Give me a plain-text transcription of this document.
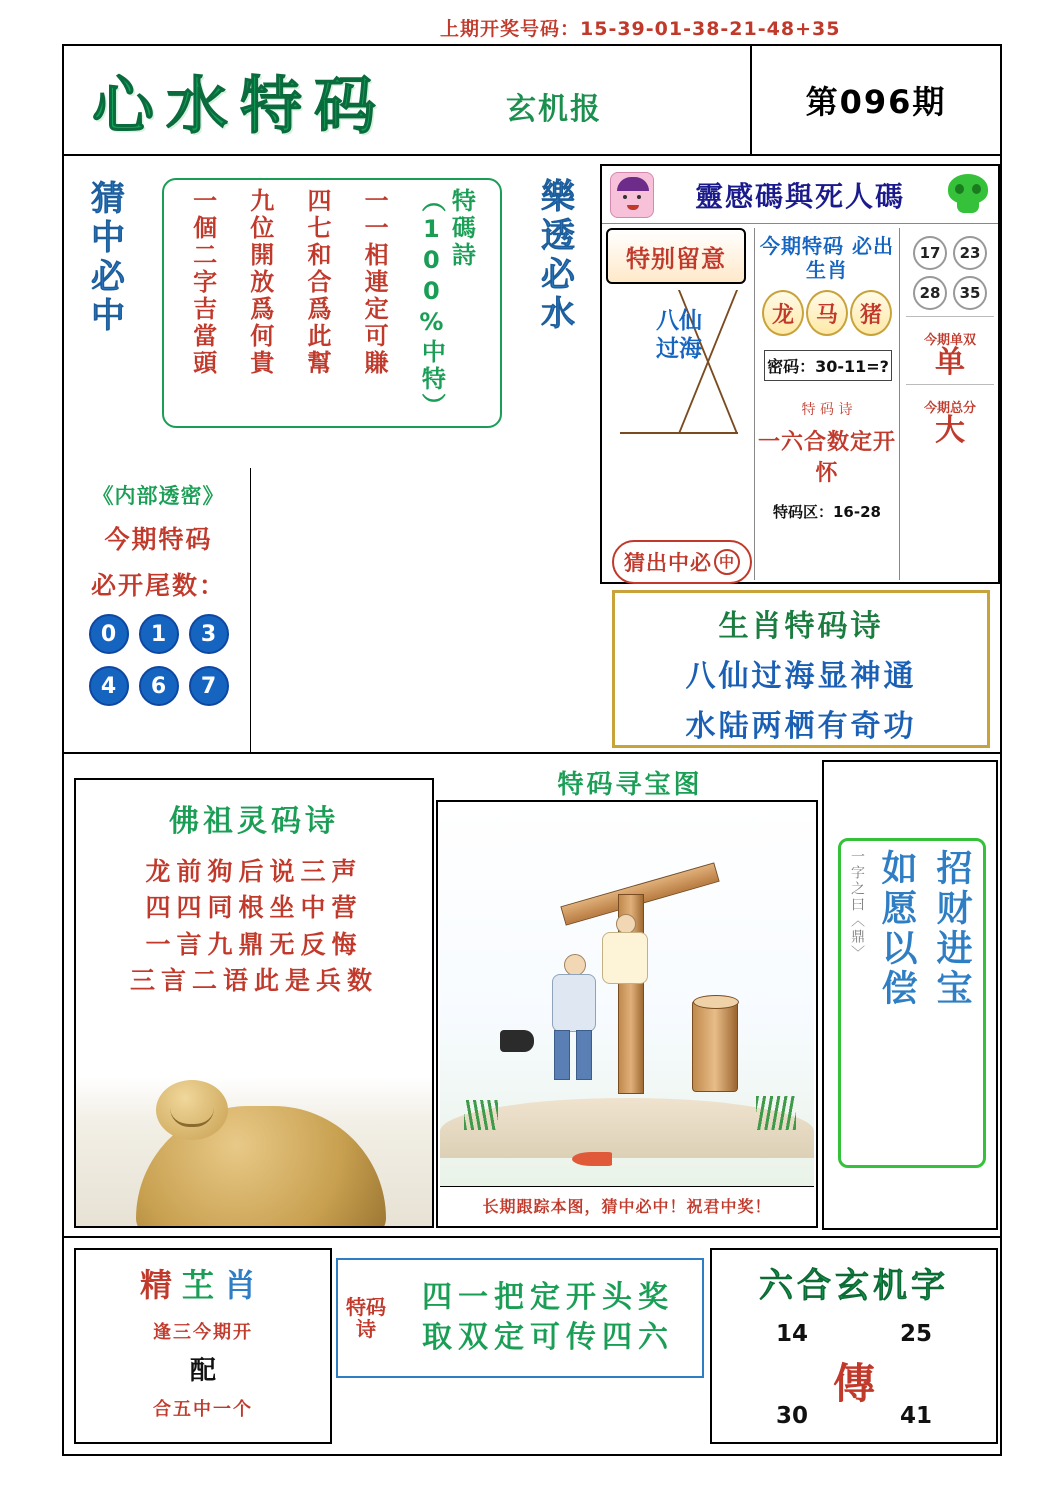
上期开奖号码：15-39-01-38-21-48+35
心水特码	玄机报	第096期
猜
中
必
中
樂
透
必
水
特碼詩（100%中特）
一一相連定可賺
四七和合爲此幫
九位開放爲何貴
一個二字吉當頭
《内部透密》
今期特码
必开尾数：
0	1	3
4	6	7
靈感碼與死人碼
特别留意
八仙过海
猜出中必 中
今期特码 必出生肖
龙 马 猪
密码：30-11=?
特 码 诗
一六合数定开怀
特码区：16-28
17	23
28	35
今期单双
单
今期总分
大
生肖特码诗
八仙过海显神通
水陆两栖有奇功
佛祖灵码诗
龙前狗后说三声
四四同根坐中营
一言九鼎无反悔
三言二语此是兵数
特码寻宝图
长期跟踪本图，猜中必中！祝君中奖！
招财进宝
如愿以偿
一字之曰〈鼎〉
精芏肖
逢三今期开
配
合五中一个
特码诗
四一把定开头奖
取双定可传四六
六合玄机字
14	25
30	41
傳
